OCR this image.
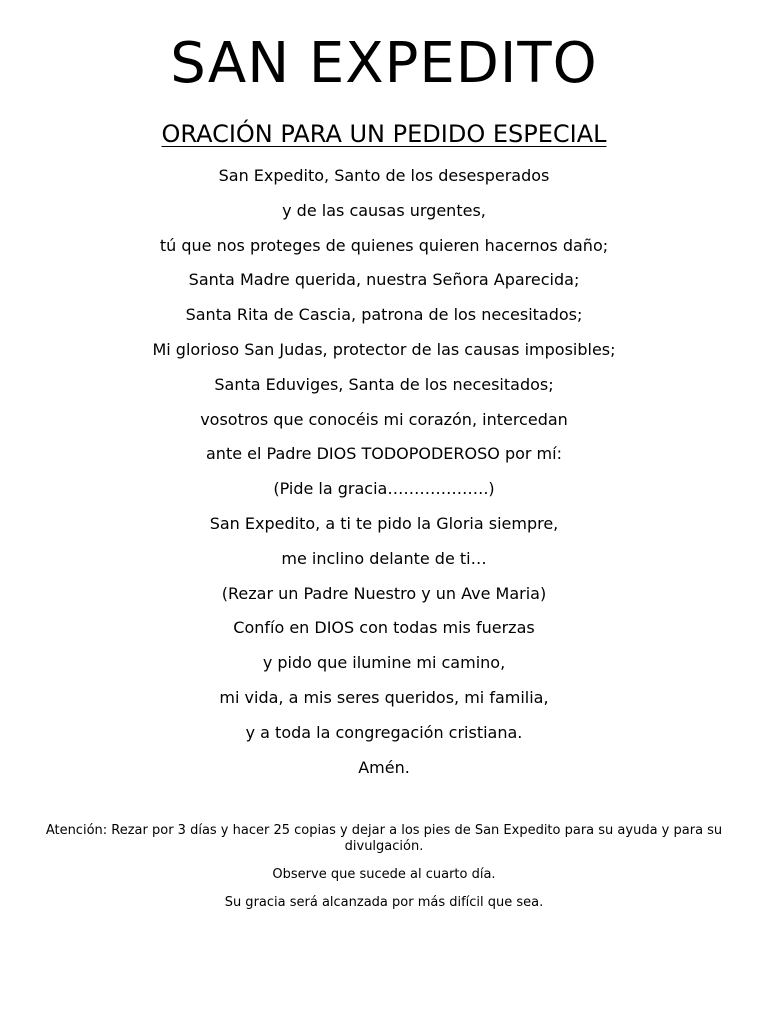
SAN EXPEDITO
ORACIÓN PARA UN PEDIDO ESPECIAL
San Expedito, Santo de los desesperados
y de las causas urgentes,
tú que nos proteges de quienes quieren hacernos daño;
Santa Madre querida, nuestra Señora Aparecida;
Santa Rita de Cascia, patrona de los necesitados;
Mi glorioso San Judas, protector de las causas imposibles;
Santa Eduviges, Santa de los necesitados;
vosotros que conocéis mi corazón, intercedan
ante el Padre DIOS TODOPODEROSO por mí:
(Pide la gracia……………….)
San Expedito, a ti te pido la Gloria siempre,
me inclino delante de ti…
(Rezar un Padre Nuestro y un Ave Maria)
Confío en DIOS con todas mis fuerzas
y pido que ilumine mi camino,
mi vida, a mis seres queridos, mi familia,
y a toda la congregación cristiana.
Amén.

Atención: Rezar por 3 días y hacer 25 copias y dejar a los pies de San Expedito para su ayuda y para su divulgación.

Observe que sucede al cuarto día.

Su gracia será alcanzada por más difícil que sea.
